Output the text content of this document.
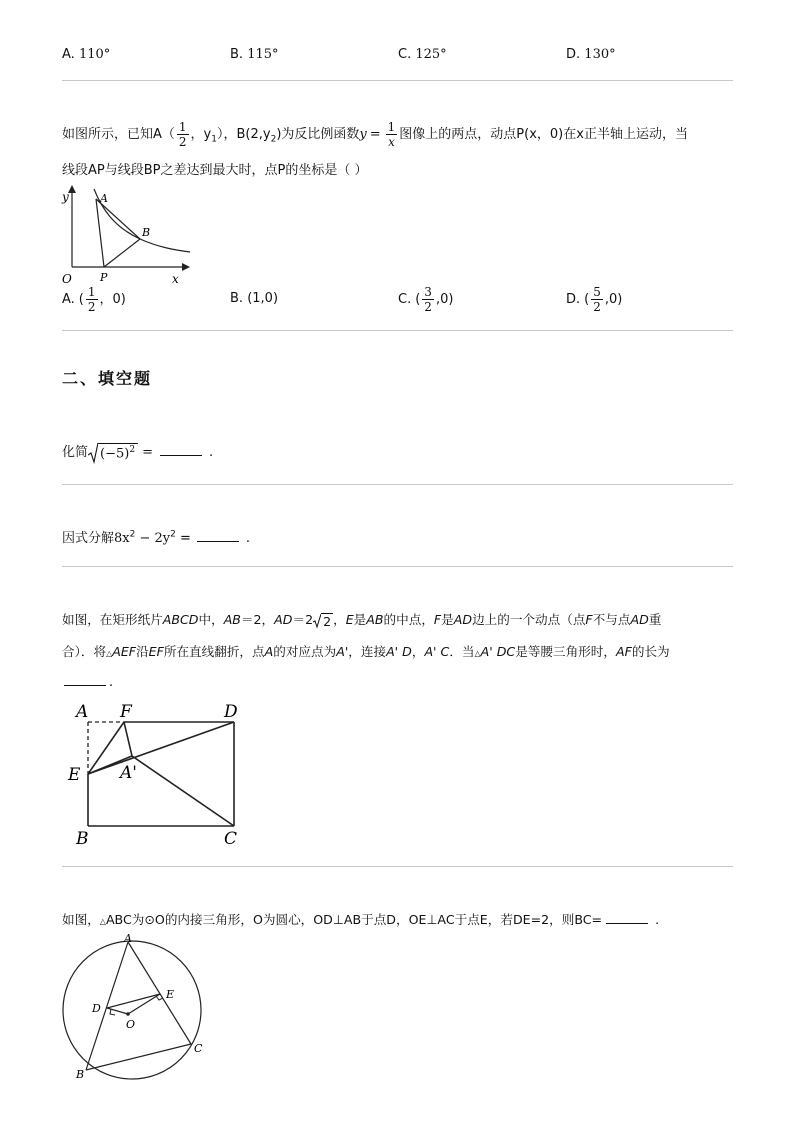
A. 110°	B. 115°	C. 125°	D. 130°
如图所示，已知$A( \frac{1}{2}$ ，$y_1$），$B(2,y_2)$为反比例函数$y = \frac{1}{x}$ 图像上的两点，动点P(x，0)在x正半轴上运动，当
线段AP与线段BP之差达到最大时，点P的坐标是（ ）
y
x
O
A
B
P
A. ( $\frac{1}{2}$ ，0)	B. (1,0)	C. ( $\frac{3}{2} ,0$)	D. ( $\frac{5}{2} ,0$)
二、填空题
化简 $(-5)^2$ =	.
因式分解$8x^2 - 2y^2$ =	.
如图，在矩形纸片ABCD中，AB＝2，AD＝2 2 ，E是AB的中点，F是AD边上的一个动点（点F不与点AD重
合）．将△AEF沿EF所在直线翻折，点A的对应点为A'，连接A' D，A' C．当△A' DC是等腰三角形时，AF的长为
.
A F	D
E A'
B	C
如图，△ABC为⊙O的内接三角形，O为圆心，OD⊥AB于点D，OE⊥AC于点E，若DE=2，则BC=	.
A
B
C
D
E
O
